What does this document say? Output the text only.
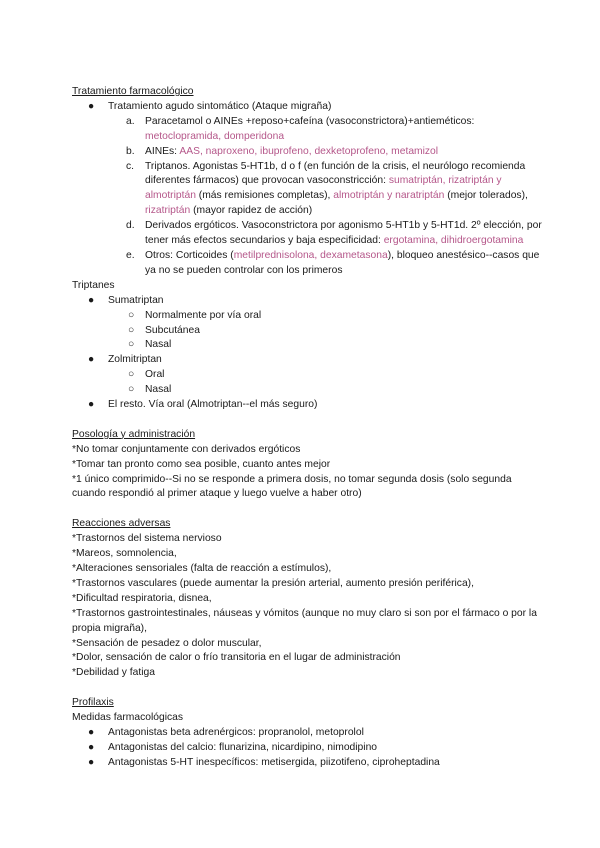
Tratamiento farmacológico
● Tratamiento agudo sintomático (Ataque migraña)
a. Paracetamol o AINEs +reposo+cafeína (vasoconstrictora)+antieméticos: metoclopramida, domperidona
b. AINEs: AAS, naproxeno, ibuprofeno, dexketoprofeno, metamizol
c. Triptanos. Agonistas 5-HT1b, d o f (en función de la crisis, el neurólogo recomienda diferentes fármacos) que provocan vasoconstricción: sumatriptán, rizatriptán y almotriptán (más remisiones completas), almotriptán y naratriptán (mejor tolerados), rizatriptán (mayor rapidez de acción)
d. Derivados ergóticos. Vasoconstrictora por agonismo 5-HT1b y 5-HT1d. 2º elección, por tener más efectos secundarios y baja especificidad: ergotamina, dihidroergotamina
e. Otros: Corticoides (metilprednisolona, dexametasona), bloqueo anestésico--casos que ya no se pueden controlar con los primeros
Triptanes
● Sumatriptan
○ Normalmente por vía oral
○ Subcutánea
○ Nasal
● Zolmitriptan
○ Oral
○ Nasal
● El resto. Vía oral (Almotriptan--el más seguro)
Posología y administración
*No tomar conjuntamente con derivados ergóticos
*Tomar tan pronto como sea posible, cuanto antes mejor
*1 único comprimido--Si no se responde a primera dosis, no tomar segunda dosis (solo segunda cuando respondió al primer ataque y luego vuelve a haber otro)
Reacciones adversas
*Trastornos del sistema nervioso
*Mareos, somnolencia,
*Alteraciones sensoriales (falta de reacción a estímulos),
*Trastornos vasculares (puede aumentar la presión arterial, aumento presión periférica),
*Dificultad respiratoria, disnea,
*Trastornos gastrointestinales, náuseas y vómitos (aunque no muy claro si son por el fármaco o por la propia migraña),
*Sensación de pesadez o dolor muscular,
*Dolor, sensación de calor o frío transitoria en el lugar de administración
*Debilidad y fatiga
Profilaxis
Medidas farmacológicas
● Antagonistas beta adrenérgicos: propranolol, metoprolol
● Antagonistas del calcio: flunarizina, nicardipino, nimodipino
● Antagonistas 5-HT inespecíficos: metisergida, piizotifeno, ciproheptadina
